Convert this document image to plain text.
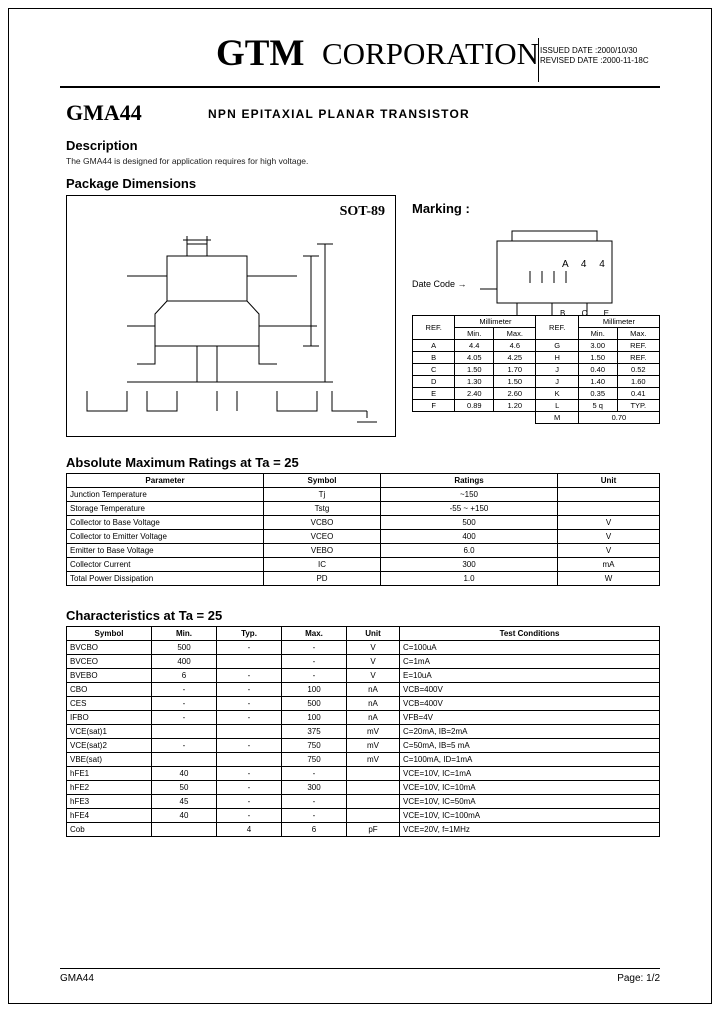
GTM CORPORATION ISSUED DATE :2000/10/30
REVISED DATE :2000-11-18C
GMA44	NPN EPITAXIAL PLANAR TRANSISTOR
Description

The GMA44 is designed for application requires for high voltage.

Package Dimensions
SOT-89 Marking :
Date Code →
A 4 4
B C E
REF.	Millimeter		REF.	Millimeter	
	Min.	Max.		Min.	Max.
A	4.4	4.6	G	3.00	REF.
B	4.05	4.25	H	1.50	REF.
C	1.50	1.70	J	0.40	0.52
D	1.30	1.50	J	1.40	1.60
E	2.40	2.60	K	0.35	0.41
F	0.89	1.20	L	5 q	TYP.
			M	0.70	
Absolute Maximum Ratings at Ta = 25
Parameter	Symbol	Ratings	Unit
Junction Temperature	Tj	~150	
Storage Temperature	Tstg	-55 ~ +150	
Collector to Base Voltage	VCBO	500	V
Collector to Emitter Voltage	VCEO	400	V
Emitter to Base Voltage	VEBO	6.0	V
Collector Current	IC	300	mA
Total Power Dissipation	PD	1.0	W
Characteristics at Ta = 25
Symbol	Min.	Typ.	Max.	Unit	Test Conditions
BVCBO	500	-	-	V	C=100uA
BVCEO	400		-	V	C=1mA
BVEBO	6	-	-	V	E=10uA
CBO	-	-	100	nA	VCB=400V
CES	-	-	500	nA	VCB=400V
IFBO	-	-	100	nA	VFB=4V
VCE(sat)1			375	mV	C=20mA, IB=2mA
VCE(sat)2	-	-	750	mV	C=50mA, IB=5 mA
VBE(sat)			750	mV	C=100mA, ID=1mA
hFE1	40	-	-		VCE=10V, IC=1mA
hFE2	50	-	300		VCE=10V, IC=10mA
hFE3	45	-	-		VCE=10V, IC=50mA
hFE4	40	-	-		VCE=10V, IC=100mA
Cob		4	6	pF	VCE=20V, f=1MHz
GMA44	Page: 1/2
